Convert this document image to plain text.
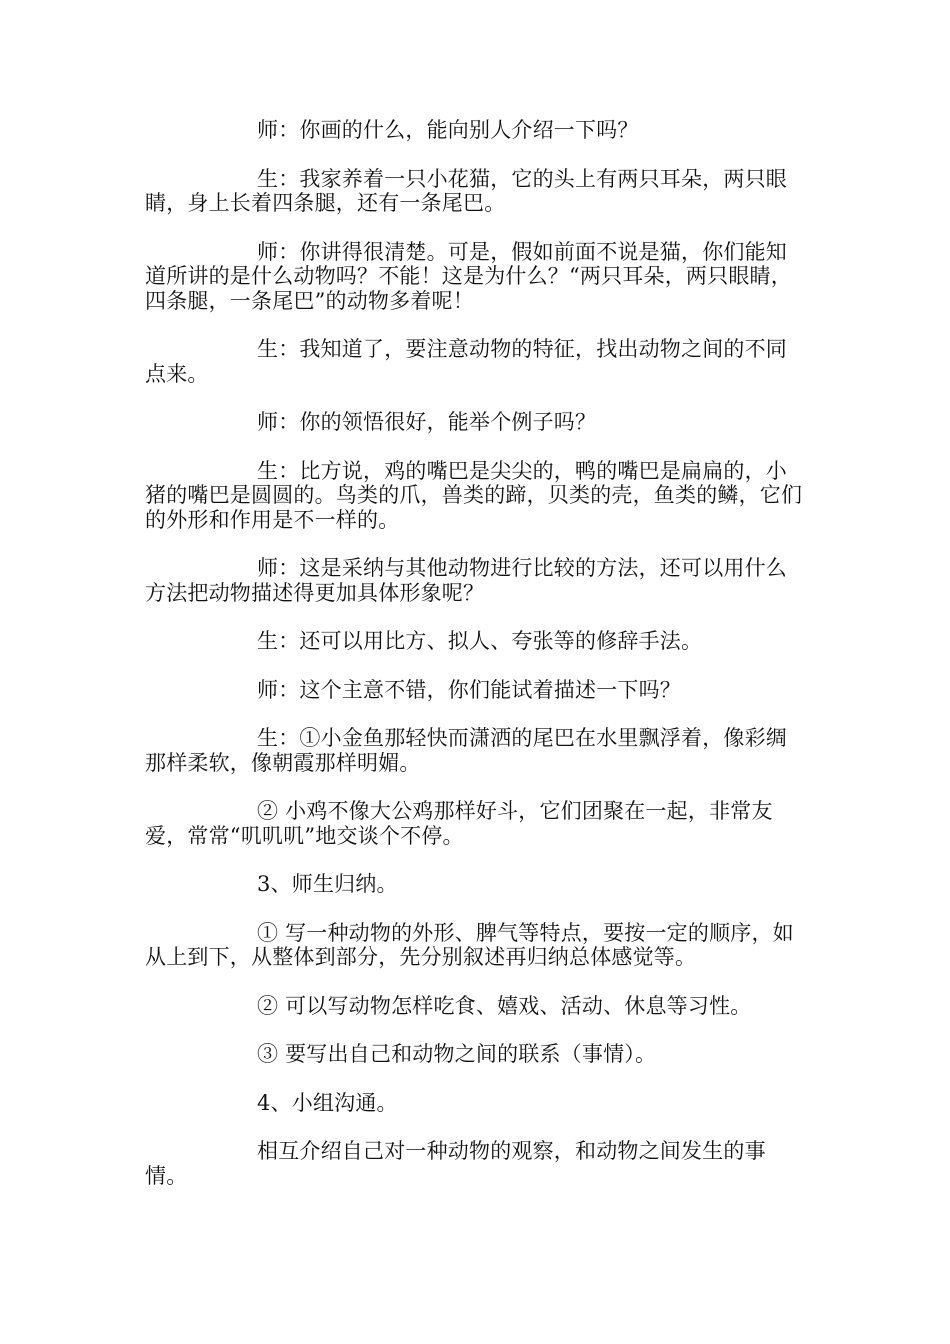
师：你画的什么，能向别人介绍一下吗？

生：我家养着一只小花猫，它的头上有两只耳朵，两只眼睛，身上长着四条腿，还有一条尾巴。

师：你讲得很清楚。可是，假如前面不说是猫，你们能知道所讲的是什么动物吗？不能！这是为什么？“两只耳朵，两只眼睛，四条腿，一条尾巴”的动物多着呢！

生：我知道了，要注意动物的特征，找出动物之间的不同点来。

师：你的领悟很好，能举个例子吗？

生：比方说，鸡的嘴巴是尖尖的，鸭的嘴巴是扁扁的，小猪的嘴巴是圆圆的。鸟类的爪，兽类的蹄，贝类的壳，鱼类的鳞，它们的外形和作用是不一样的。

师：这是采纳与其他动物进行比较的方法，还可以用什么方法把动物描述得更加具体形象呢？

生：还可以用比方、拟人、夸张等的修辞手法。

师：这个主意不错，你们能试着描述一下吗？

生：①小金鱼那轻快而潇洒的尾巴在水里飘浮着，像彩绸那样柔软，像朝霞那样明媚。

② 小鸡不像大公鸡那样好斗，它们团聚在一起，非常友爱，常常“叽叽叽”地交谈个不停。

3、师生归纳。

① 写一种动物的外形、脾气等特点，要按一定的顺序，如从上到下，从整体到部分，先分别叙述再归纳总体感觉等。

② 可以写动物怎样吃食、嬉戏、活动、休息等习性。

③ 要写出自己和动物之间的联系（事情）。

4、小组沟通。

相互介绍自己对一种动物的观察，和动物之间发生的事情。
